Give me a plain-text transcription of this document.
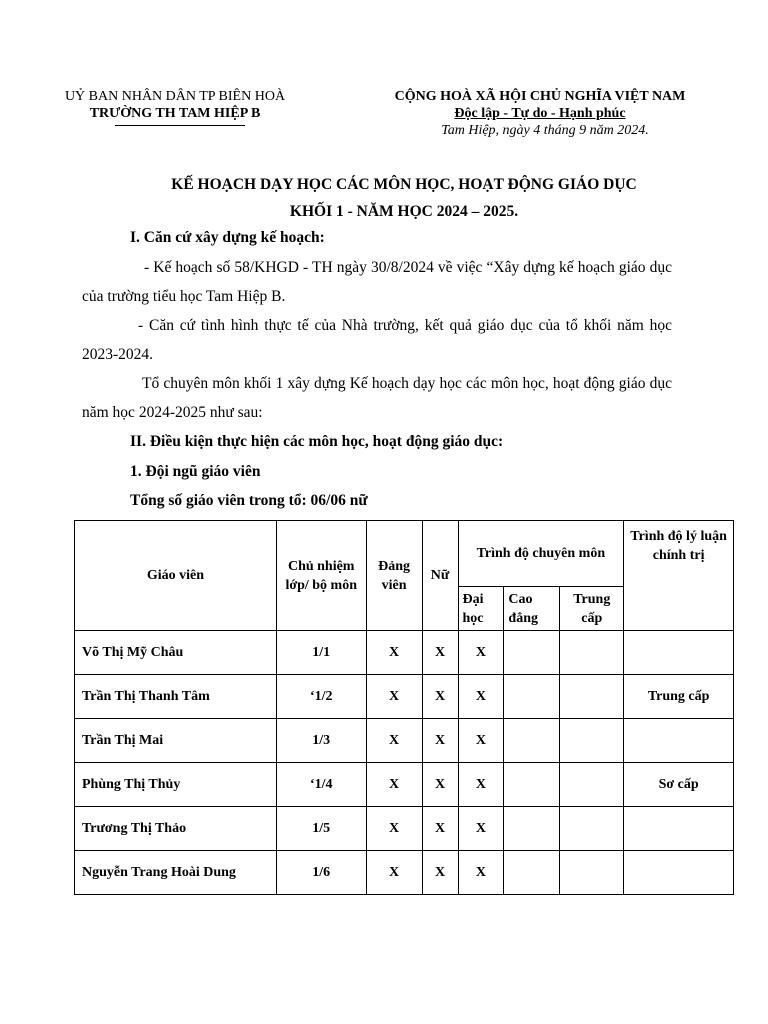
UỶ BAN NHÂN DÂN TP BIÊN HOÀ
TRƯỜNG TH TAM HIỆP B
CỘNG HOÀ XÃ HỘI CHỦ NGHĨA VIỆT NAM
Độc lập - Tự do - Hạnh phúc
Tam Hiệp, ngày 4 tháng 9 năm 2024.
KẾ HOẠCH DẠY HỌC CÁC MÔN HỌC, HOẠT ĐỘNG GIÁO DỤC
KHỐI 1 - NĂM HỌC 2024 – 2025.
I. Căn cứ xây dựng kế hoạch:
- Kế hoạch số 58/KHGD - TH ngày 30/8/2024 về việc “Xây dựng kế hoạch giáo dục của trường tiểu học Tam Hiệp B.
- Căn cứ tình hình thực tế của Nhà trường, kết quả giáo dục của tổ khối năm học 2023-2024.
Tổ chuyên môn khối 1 xây dựng Kế hoạch dạy học các môn học, hoạt động giáo dục năm học 2024-2025 như sau:
II. Điều kiện thực hiện các môn học, hoạt động giáo dục:
1. Đội ngũ giáo viên
Tổng số giáo viên trong tổ: 06/06 nữ
Giáo viên	Chủ nhiệm lớp/ bộ môn	Đảng viên	Nữ	Trình độ chuyên môn			Trình độ lý luận chính trị
				Đại học	Cao đẳng	Trung cấp	
Võ Thị Mỹ Châu	1/1	X	X	X			
Trần Thị Thanh Tâm	‘1/2	X	X	X			Trung cấp
Trần Thị Mai	1/3	X	X	X			
Phùng Thị Thủy	‘1/4	X	X	X			Sơ cấp
Trương Thị Thảo	1/5	X	X	X			
Nguyễn Trang Hoài Dung	1/6	X	X	X			
